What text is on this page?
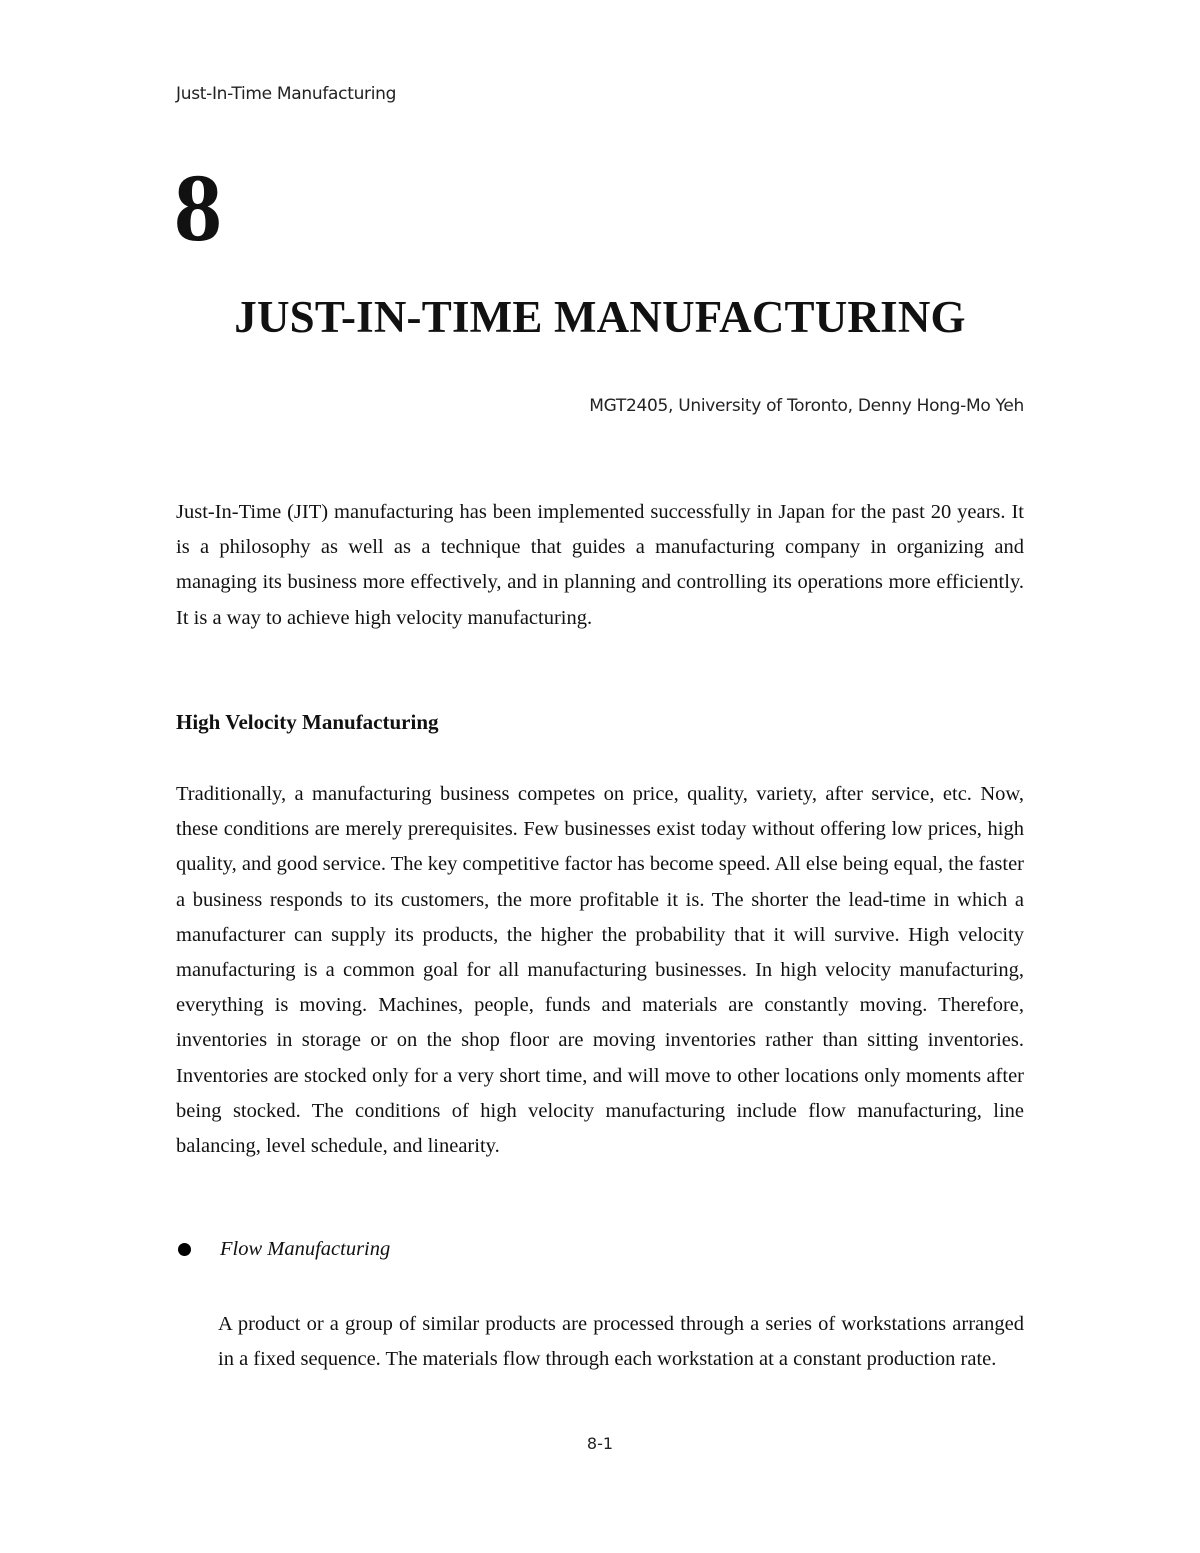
Just-In-Time Manufacturing
8
JUST-IN-TIME MANUFACTURING
MGT2405, University of Toronto, Denny Hong-Mo Yeh

Just-In-Time (JIT) manufacturing has been implemented successfully in Japan for the past 20 years. It is a philosophy as well as a technique that guides a manufacturing company in organizing and managing its business more effectively, and in planning and controlling its operations more efficiently. It is a way to achieve high velocity manufacturing.

High Velocity Manufacturing

Traditionally, a manufacturing business competes on price, quality, variety, after service, etc. Now, these conditions are merely prerequisites. Few businesses exist today without offering low prices, high quality, and good service. The key competitive factor has become speed. All else being equal, the faster a business responds to its customers, the more profitable it is. The shorter the lead-time in which a manufacturer can supply its products, the higher the probability that it will survive. High velocity manufacturing is a common goal for all manufacturing businesses. In high velocity manufacturing, everything is moving. Machines, people, funds and materials are constantly moving. Therefore, inventories in storage or on the shop floor are moving inventories rather than sitting inventories. Inventories are stocked only for a very short time, and will move to other locations only moments after being stocked. The conditions of high velocity manufacturing include flow manufacturing, line balancing, level schedule, and linearity.

Flow Manufacturing

A product or a group of similar products are processed through a series of workstations arranged in a fixed sequence. The materials flow through each workstation at a constant production rate.

8-1
